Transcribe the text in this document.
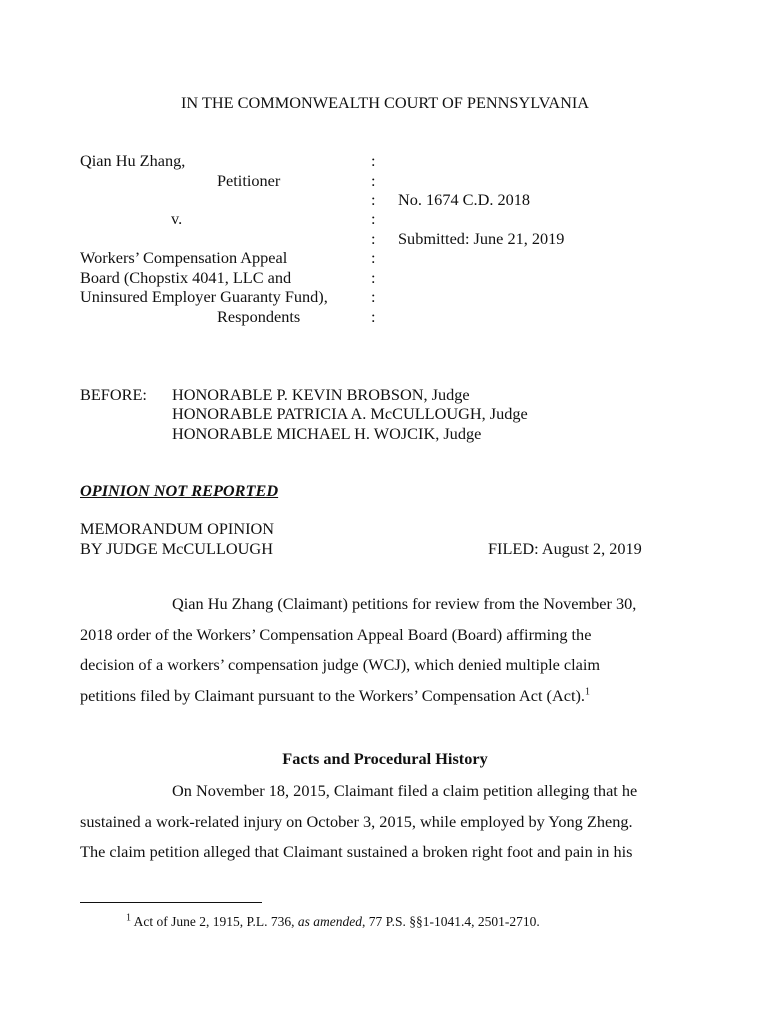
IN THE COMMONWEALTH COURT OF PENNSYLVANIA
Qian Hu Zhang,
Petitioner
v.
Workers’ Compensation Appeal
Board (Chopstix 4041, LLC and
Uninsured Employer Guaranty Fund),
Respondents
:
:
:
:
:
:
:
:
:
No. 1674 C.D. 2018
Submitted: June 21, 2019
BEFORE: HONORABLE P. KEVIN BROBSON, Judge
HONORABLE PATRICIA A. McCULLOUGH, Judge
HONORABLE MICHAEL H. WOJCIK, Judge
OPINION NOT REPORTED
MEMORANDUM OPINION
BY JUDGE McCULLOUGH	FILED: August 2, 2019
Qian Hu Zhang (Claimant) petitions for review from the November 30,
2018 order of the Workers’ Compensation Appeal Board (Board) affirming the
decision of a workers’ compensation judge (WCJ), which denied multiple claim
petitions filed by Claimant pursuant to the Workers’ Compensation Act (Act).$^1$
Facts and Procedural History
On November 18, 2015, Claimant filed a claim petition alleging that he
sustained a work-related injury on October 3, 2015, while employed by Yong Zheng.
The claim petition alleged that Claimant sustained a broken right foot and pain in his
$^1$ Act of June 2, 1915, P.L. 736, as amended, 77 P.S. §§1-1041.4, 2501-2710.
